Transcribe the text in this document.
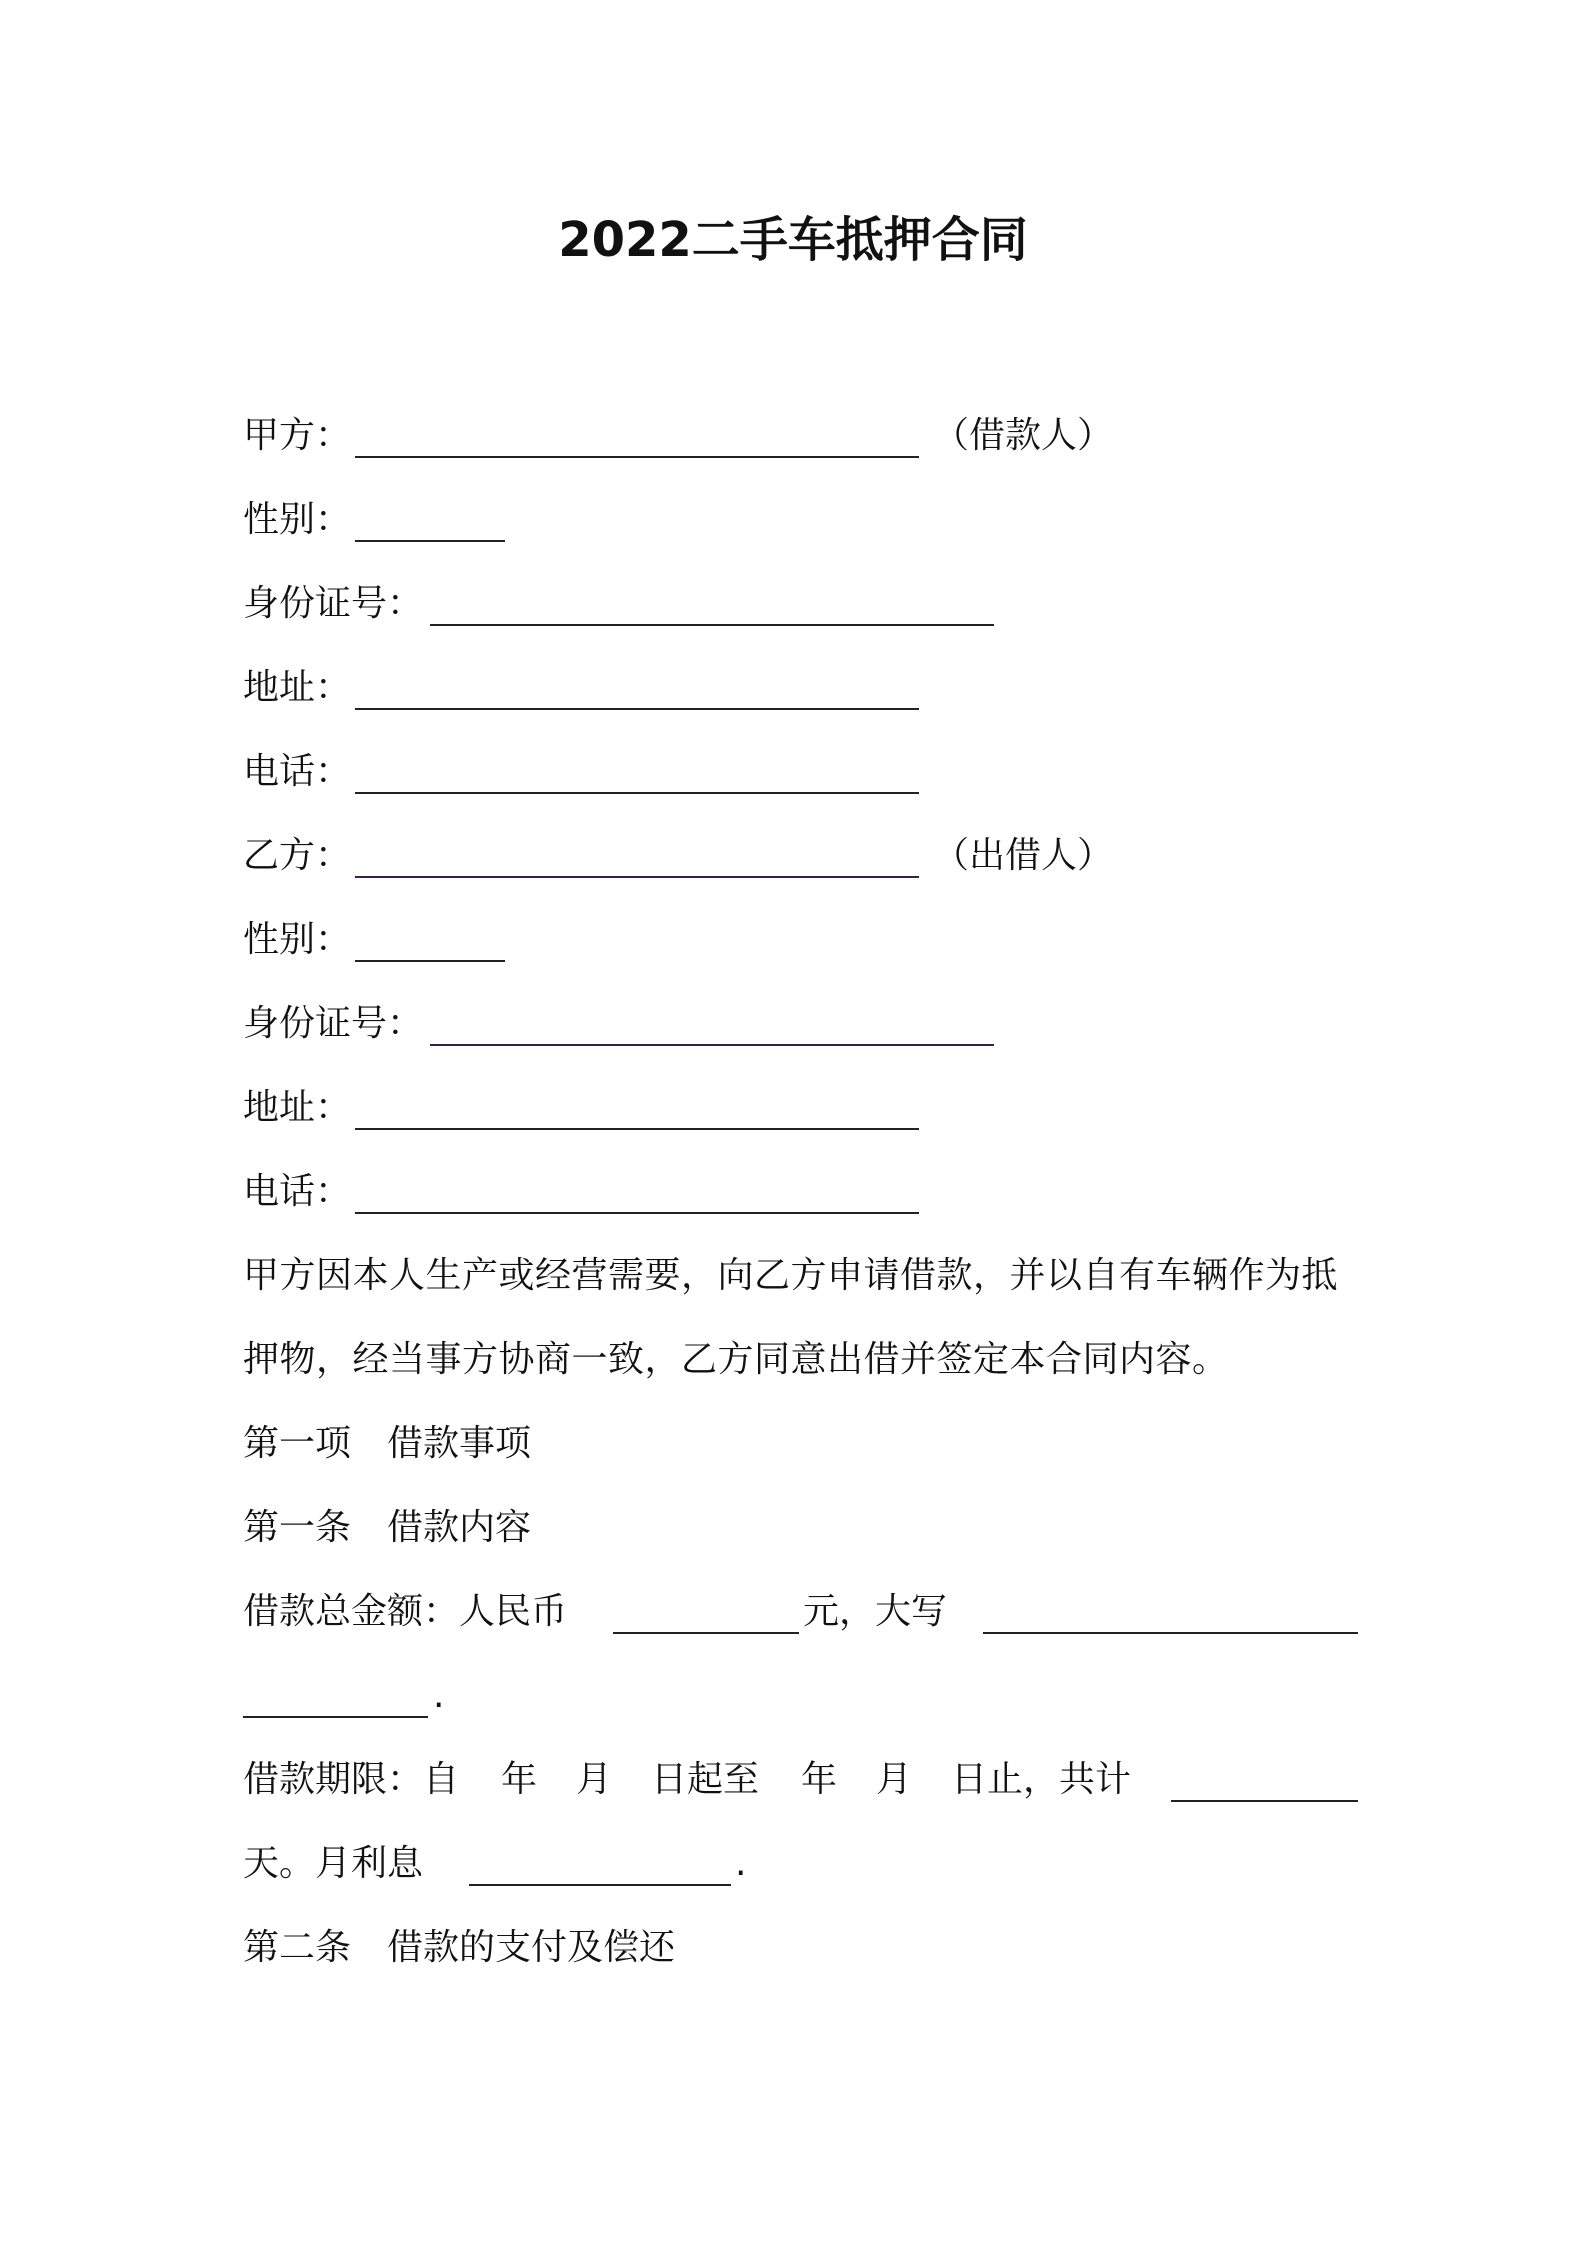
2022二手车抵押合同
甲方：	（借款人）
性别：
身份证号：
地址：
电话：
乙方：	（出借人）
性别：
身份证号：
地址：
电话：
甲方因本人生产或经营需要，向乙方申请借款，并以自有车辆作为抵押物，经当事方协商一致，乙方同意出借并签定本合同内容。
第一项　借款事项
第一条　借款内容
借款总金额：人民币	元，大写
.
借款期限：自 年 月 日起至 年 月 日止，共计
天。月利息	.
第二条　借款的支付及偿还
